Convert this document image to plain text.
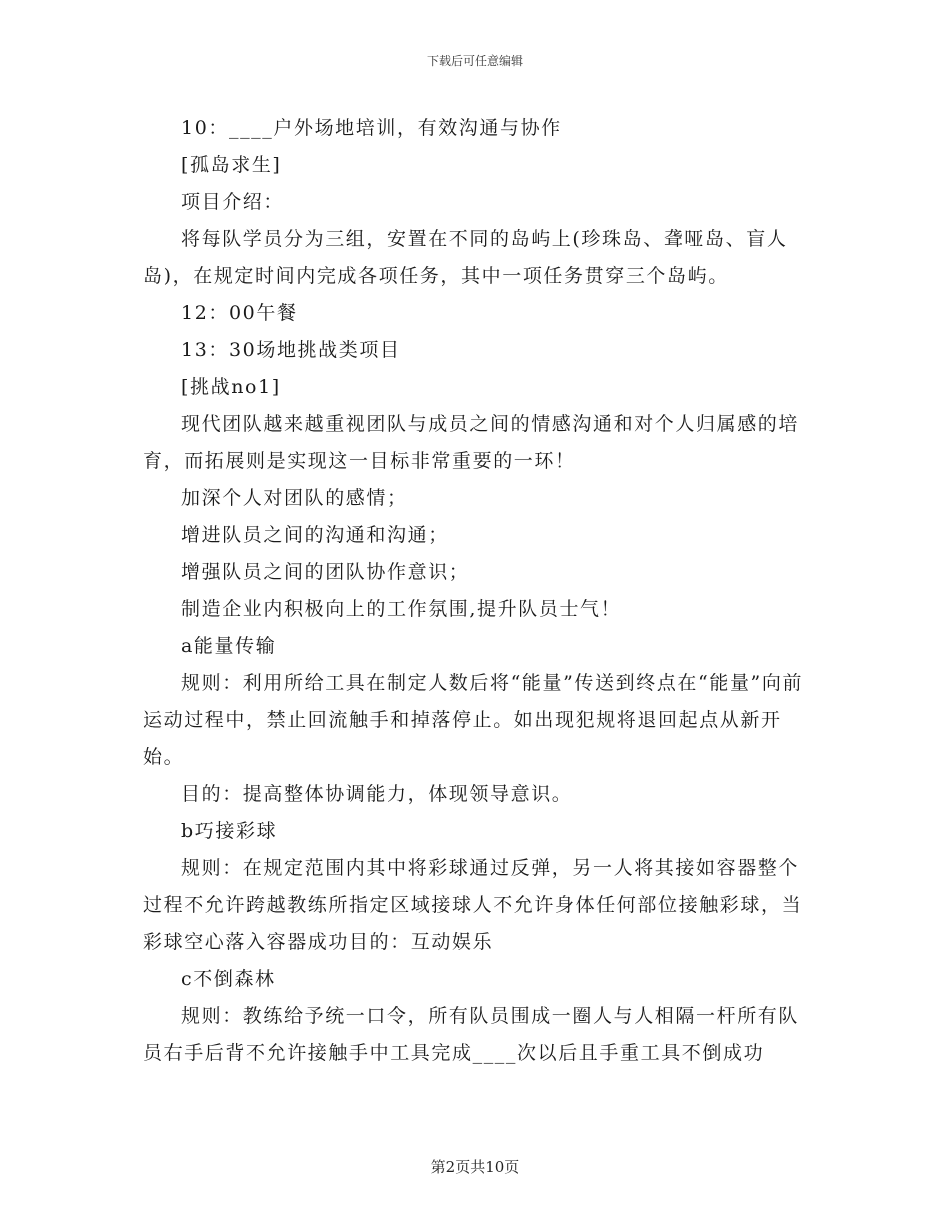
下载后可任意编辑

10：____户外场地培训，有效沟通与协作

[孤岛求生]

项目介绍：

将每队学员分为三组，安置在不同的岛屿上(珍珠岛、聋哑岛、盲人岛)，在规定时间内完成各项任务，其中一项任务贯穿三个岛屿。

12：00午餐

13：30场地挑战类项目

[挑战no1]

现代团队越来越重视团队与成员之间的情感沟通和对个人归属感的培育，而拓展则是实现这一目标非常重要的一环！

加深个人对团队的感情；

增进队员之间的沟通和沟通；

增强队员之间的团队协作意识；

制造企业内积极向上的工作氛围,提升队员士气！

a能量传输

规则：利用所给工具在制定人数后将“能量”传送到终点在“能量”向前运动过程中，禁止回流触手和掉落停止。如出现犯规将退回起点从新开始。

目的：提高整体协调能力，体现领导意识。

b巧接彩球

规则：在规定范围内其中将彩球通过反弹，另一人将其接如容器整个过程不允许跨越教练所指定区域接球人不允许身体任何部位接触彩球，当彩球空心落入容器成功目的：互动娱乐

c不倒森林

规则：教练给予统一口令，所有队员围成一圈人与人相隔一杆所有队员右手后背不允许接触手中工具完成____次以后且手重工具不倒成功

第2页共10页
